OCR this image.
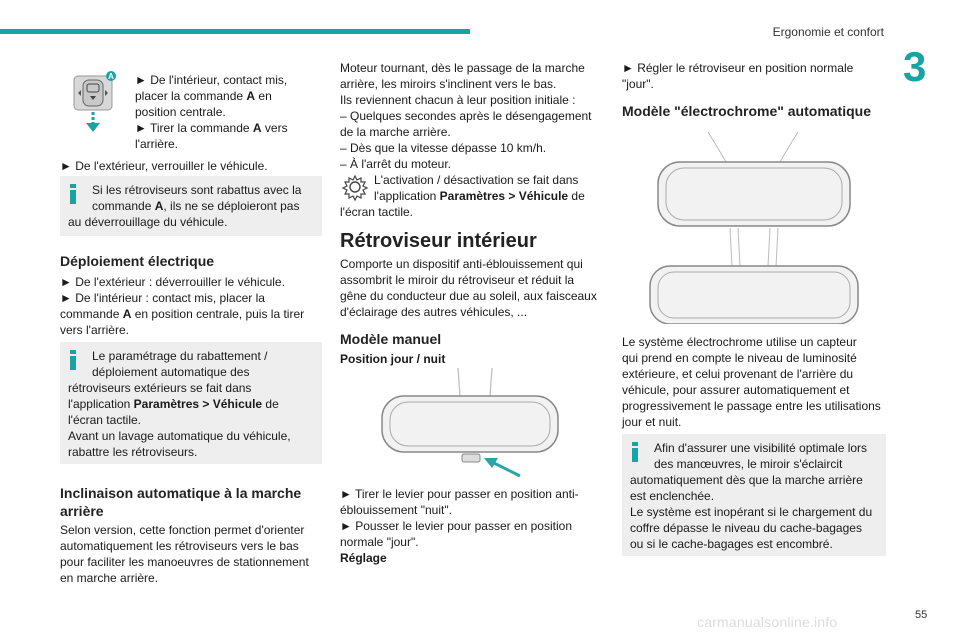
Ergonomie et confort
3
55
carmanualsonline.info
A ► De l'intérieur, contact mis,

placer la commande A en

position centrale.

► Tirer la commande A vers

l'arrière.

► De l'extérieur, verrouiller le véhicule.

Si les rétroviseurs sont rabattus avec la

commande A, ils ne se déploieront pas

au déverrouillage du véhicule.

Déploiement électrique

► De l'extérieur : déverrouiller le véhicule.

► De l'intérieur : contact mis, placer la

commande A en position centrale, puis la tirer

vers l'arrière.

Le paramétrage du rabattement /

déploiement automatique des

rétroviseurs extérieurs se fait dans

l'application Paramètres > Véhicule de

l'écran tactile.

Avant un lavage automatique du véhicule,

rabattre les rétroviseurs.

Inclinaison automatique à la marche
arrière

Selon version, cette fonction permet d'orienter

automatiquement les rétroviseurs vers le bas

pour faciliter les manoeuvres de stationnement

en marche arrière.

Moteur tournant, dès le passage de la marche

arrière, les miroirs s'inclinent vers le bas.

Ils reviennent chacun à leur position initiale :

– Quelques secondes après le désengagement

de la marche arrière.

– Dès que la vitesse dépasse 10 km/h.

– À l'arrêt du moteur.

L'activation / désactivation se fait dans

l'application Paramètres > Véhicule de

l'écran tactile.

Rétroviseur intérieur

Comporte un dispositif anti-éblouissement qui

assombrit le miroir du rétroviseur et réduit la

gêne du conducteur due au soleil, aux faisceaux

d'éclairage des autres véhicules, ...

Modèle manuel

Position jour / nuit

► Tirer le levier pour passer en position anti-

éblouissement "nuit".

► Pousser le levier pour passer en position

normale "jour".

Réglage

► Régler le rétroviseur en position normale

"jour".

Modèle "électrochrome" automatique

Le système électrochrome utilise un capteur

qui prend en compte le niveau de luminosité

extérieure, et celui provenant de l'arrière du

véhicule, pour assurer automatiquement et

progressivement le passage entre les utilisations

jour et nuit.

Afin d'assurer une visibilité optimale lors

des manœuvres, le miroir s'éclaircit

automatiquement dès que la marche arrière

est enclenchée.

Le système est inopérant si le chargement du

coffre dépasse le niveau du cache-bagages

ou si le cache-bagages est encombré.
